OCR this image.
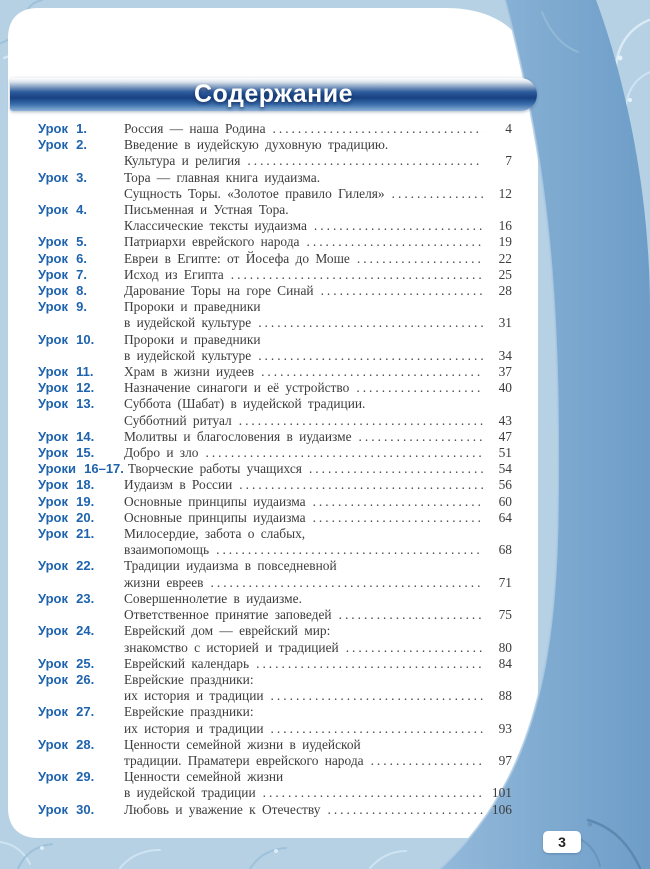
Содержание
Урок 1.	Россия — наша Родина .....	4
Урок 2.	Введение в иудейскую духовную традицию.
Культура и религия .....	7
Урок 3.	Тора — главная книга иудаизма.
Сущность Торы. «Золотое правило Гилеля» .....	12
Урок 4.	Письменная и Устная Тора.
Классические тексты иудаизма .....	16
Урок 5.	Патриархи еврейского народа .....	19
Урок 6.	Евреи в Египте: от Йосефа до Моше .....	22
Урок 7.	Исход из Египта .....	25
Урок 8.	Дарование Торы на горе Синай .....	28
Урок 9.	Пророки и праведники
в иудейской культуре .....	31
Урок 10.	Пророки и праведники
в иудейской культуре .....	34
Урок 11.	Храм в жизни иудеев .....	37
Урок 12.	Назначение синагоги и её устройство .....	40
Урок 13.	Суббота (Шабат) в иудейской традиции.
Субботний ритуал .....	43
Урок 14.	Молитвы и благословения в иудаизме .....	47
Урок 15.	Добро и зло .....	51
Уроки 16–17. Творческие работы учащихся .....	54
Урок 18.	Иудаизм в России .....	56
Урок 19.	Основные принципы иудаизма .....	60
Урок 20.	Основные принципы иудаизма .....	64
Урок 21.	Милосердие, забота о слабых,
взаимопомощь .....	68
Урок 22.	Традиции иудаизма в повседневной
жизни евреев .....	71
Урок 23.	Совершеннолетие в иудаизме.
Ответственное принятие заповедей .....	75
Урок 24.	Еврейский дом — еврейский мир:
знакомство с историей и традицией .....	80
Урок 25.	Еврейский календарь .....	84
Урок 26.	Еврейские праздники:
их история и традиции .....	88
Урок 27.	Еврейские праздники:
их история и традиции .....	93
Урок 28.	Ценности семейной жизни в иудейской
традиции. Праматери еврейского народа .....	97
Урок 29.	Ценности семейной жизни
в иудейской традиции .....	101
Урок 30.	Любовь и уважение к Отечеству .....	106
3
